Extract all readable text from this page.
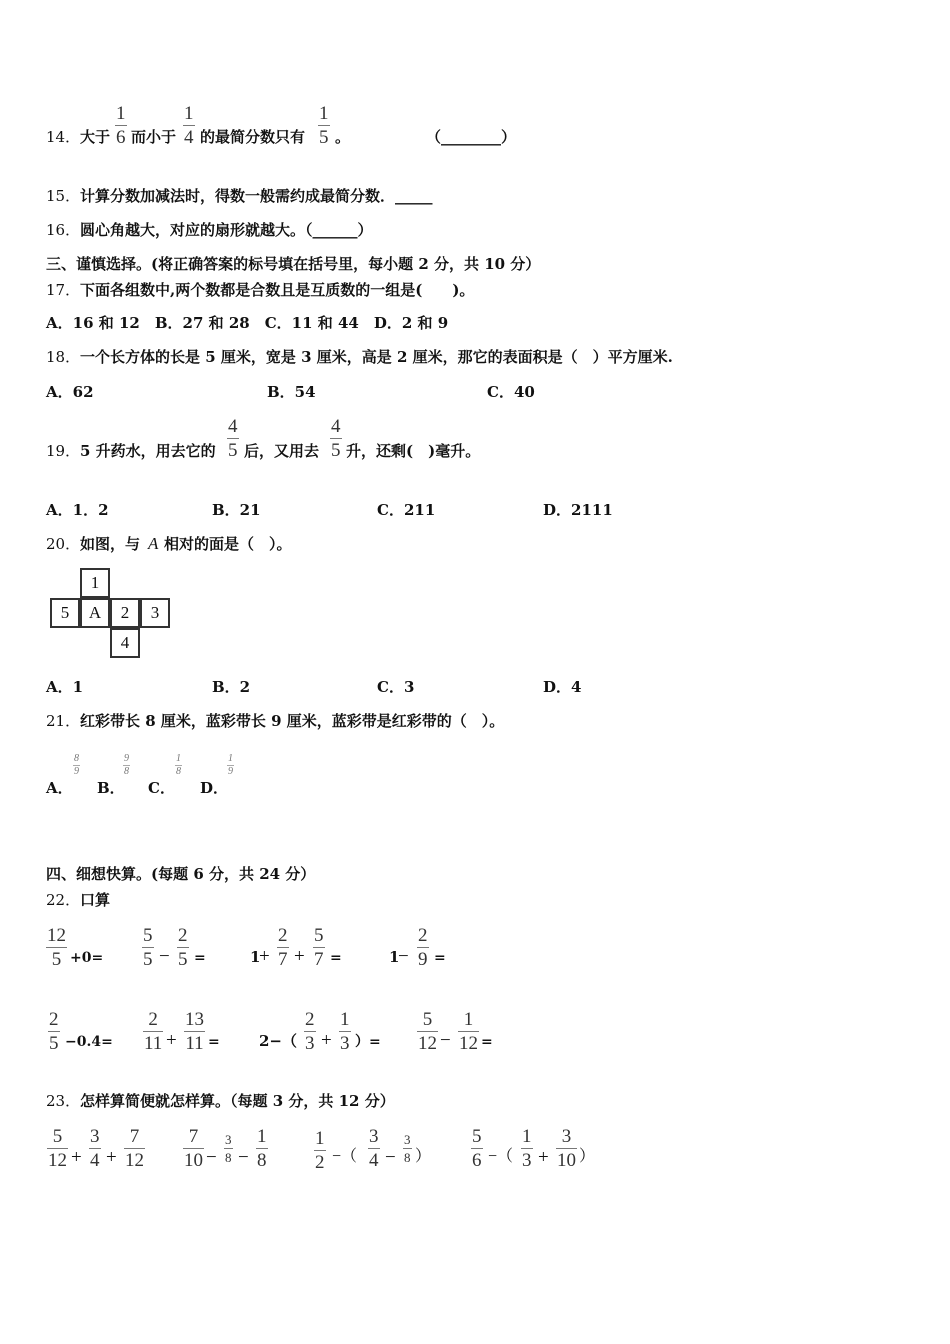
14． 大于
1
6 而小于
1
4 的最简分数只有
1
5 。	（________）
15． 计算分数加减法时，得数一般需约成最简分数．_____
16． 圆心角越大，对应的扇形就越大。（______）
三、谨慎选择。(将正确答案的标号填在括号里，每小题 2 分，共 10 分）
17． 下面各组数中,两个数都是合数且是互质数的一组是(　　)。
A．16 和 12　B．27 和 28　C．11 和 44　D．2 和 9
18． 一个长方体的长是 5 厘米，宽是 3 厘米，高是 2 厘米，那它的表面积是（　）平方厘米.
A．62	B．54	C．40
19． 5 升药水，用去它的
4
5 后，又用去
4
5 升，还剩(　)毫升。
A．1．2	B．21	C．211	D．2111
20． 如图，与 A 相对的面是（　）。
1
5	A	2	3
4
A．1	B．2	C．3	D．4
21． 红彩带长 8 厘米，蓝彩带长 9 厘米，蓝彩带是红彩带的（　）。
A．
8
9
B．
9
8
C．
1
8
D．
1
9
四、细想快算。(每题 6 分，共 24 分）
22． 口算
12
5 +0=
5
5 −
2
5 =	1
+
2
7 +
5
7 =	1
−
2
9 =
2
5 −0.4=
2
11 +
13
11 =	2−（
2
3 +
1
3 ）=
5
12 −
1
12 =
23． 怎样算简便就怎样算。（每题 3 分，共 12 分）
5
12 +
3
4 +
7
12
7
10 −
3
8 −
1
8
1
2 −（
3
4 −
3
8 ）
5
6 −（
1
3 +
3
10 ）
